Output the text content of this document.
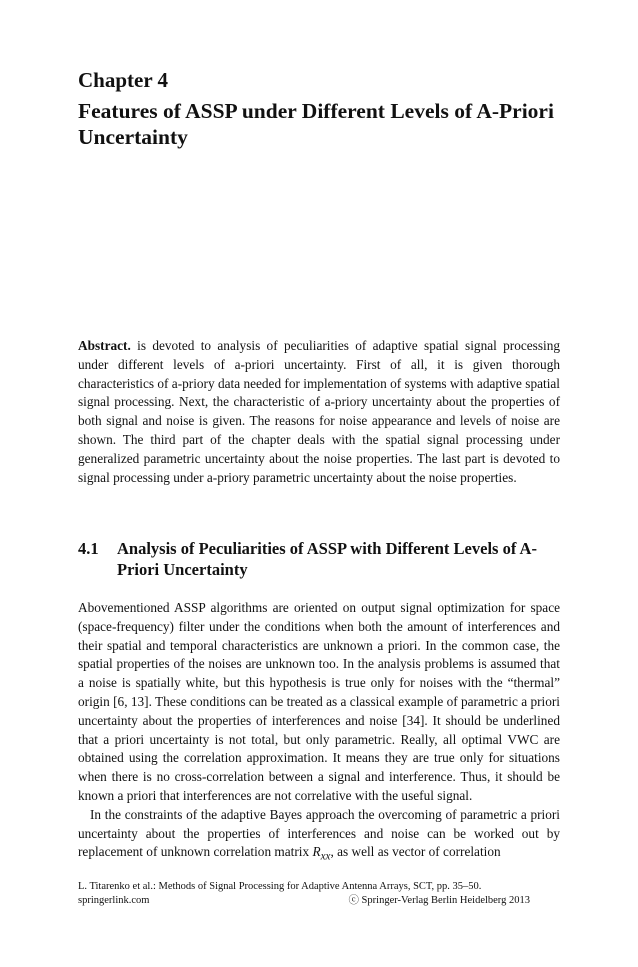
Chapter 4
Features of ASSP under Different Levels of A-Priori Uncertainty
Abstract. is devoted to analysis of peculiarities of adaptive spatial signal processing under different levels of a-priori uncertainty. First of all, it is given thorough characteristics of a-priory data needed for implementation of systems with adaptive spatial signal processing. Next, the characteristic of a-priory uncertainty about the properties of both signal and noise is given. The reasons for noise appearance and levels of noise are shown. The third part of the chapter deals with the spatial signal processing under generalized parametric uncertainty about the noise properties. The last part is devoted to signal processing under a-priory parametric uncertainty about the noise properties.
4.1 Analysis of Peculiarities of ASSP with Different Levels of A-Priori Uncertainty

Abovementioned ASSP algorithms are oriented on output signal optimization for space (space-frequency) filter under the conditions when both the amount of interferences and their spatial and temporal characteristics are unknown a priori. In the common case, the spatial properties of the noises are unknown too. In the analysis problems is assumed that a noise is spatially white, but this hypothesis is true only for noises with the “thermal” origin [6, 13]. These conditions can be treated as a classical example of parametric a priori uncertainty about the properties of interferences and noise [34]. It should be underlined that a priori uncertainty is not total, but only parametric. Really, all optimal VWC are obtained using the correlation approximation. It means they are true only for situations when there is no cross-correlation between a signal and interference. Thus, it should be known a priori that interferences are not correlative with the useful signal.

In the constraints of the adaptive Bayes approach the overcoming of parametric a priori uncertainty about the properties of interferences and noise can be worked out by replacement of unknown correlation matrix $R_{xx}$, as well as vector of correlation

L. Titarenko et al.: Methods of Signal Processing for Adaptive Antenna Arrays, SCT, pp. 35–50.
springerlink.com	ⓒ Springer-Verlag Berlin Heidelberg 2013
